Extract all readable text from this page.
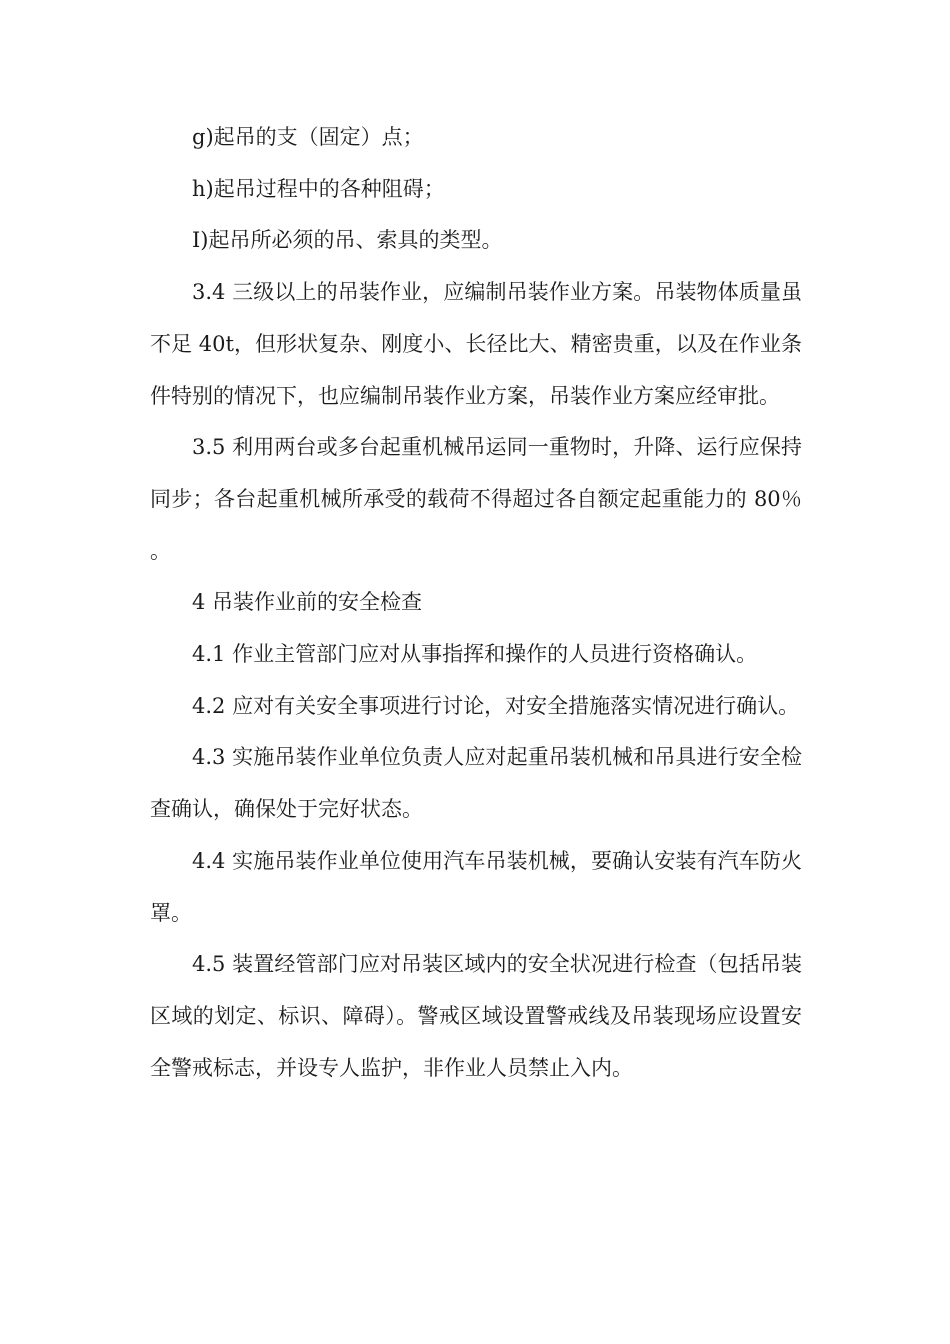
g)起吊的支（固定）点；

h)起吊过程中的各种阻碍；

I)起吊所必须的吊、索具的类型。

3.4 三级以上的吊装作业，应编制吊装作业方案。吊装物体质量虽不足 40t，但形状复杂、刚度小、长径比大、精密贵重，以及在作业条件特别的情况下，也应编制吊装作业方案，吊装作业方案应经审批。

3.5 利用两台或多台起重机械吊运同一重物时，升降、运行应保持同步；各台起重机械所承受的载荷不得超过各自额定起重能力的 80％。

4 吊装作业前的安全检查

4.1 作业主管部门应对从事指挥和操作的人员进行资格确认。

4.2 应对有关安全事项进行讨论，对安全措施落实情况进行确认。

4.3 实施吊装作业单位负责人应对起重吊装机械和吊具进行安全检查确认，确保处于完好状态。

4.4 实施吊装作业单位使用汽车吊装机械，要确认安装有汽车防火罩。

4.5 装置经管部门应对吊装区域内的安全状况进行检查（包括吊装区域的划定、标识、障碍）。警戒区域设置警戒线及吊装现场应设置安全警戒标志，并设专人监护，非作业人员禁止入内。
